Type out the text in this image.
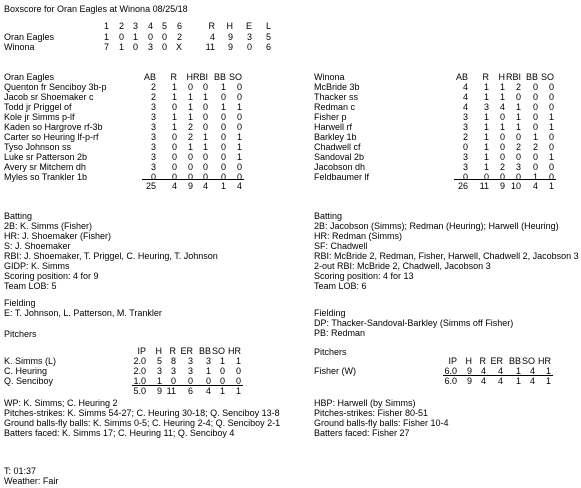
Boxscore for Oran Eagles at Winona 08/25/18
1	2 3	4 5	6	R	H	E	L
Oran Eagles	1	0 1	0 0	2	4	9	3	5
Winona	7	1 0	3 0 X	11	9	0	6
Oran Eagles	AB	R	H RBI BB SO
Quenton fr Senciboy 3b-p	2	1	0	0	1	0
Jacob sr Shoemaker c	2	1	1	1	0	0
Todd jr Priggel of	3	0	1	0	1	1
Kole jr Simms p-lf	3	1	1	0	0	0
Kaden so Hargrove rf-3b	3	1	2	0	0	0
Carter so Heuring lf-p-rf	3	0	2	1	0	1
Tyso Johnson ss	3	0	1	1	0	1
Luke sr Patterson 2b	3	0	0	0	0	1
Avery sr Mitchem dh	3	0	0	0	0	0
Myles so Trankler 1b	0	0	0	0	0	0
25	4	9	4	1	4
Batting
2B: K. Simms (Fisher)
HR: J. Shoemaker (Fisher)
S: J. Shoemaker
RBI: J. Shoemaker, T. Priggel, C. Heuring, T. Johnson
GIDP: K. Simms
Scoring position: 4 for 9
Team LOB: 5
Winona	AB	R	H RBI BB SO
McBride 3b	4	1	1	2	0	0
Thacker ss	4	1	1	0	0	0
Redman c	4	3	4	1	0	0
Fisher p	3	1	0	1	0	1
Harwell rf	3	1	1	1	0	1
Barkley 1b	2	1	0	0	1	0
Chadwell cf	0	1	0	2	2	0
Sandoval 2b	3	1	0	0	0	1
Jacobson dh	3	1	2	3	0	0
Feldbaumer lf	0	0	0	0	1	0
26	11	9 10	4	1
Batting
2B: Jacobson (Simms); Redman (Heuring); Harwell (Heuring)
HR: Redman (Simms)
SF: Chadwell
RBI: McBride 2, Redman, Fisher, Harwell, Chadwell 2, Jacobson 3
2-out RBI: McBride 2, Chadwell, Jacobson 3
Scoring position: 4 for 13
Team LOB: 6
Fielding
E: T. Johnson, L. Patterson, M. Trankler	Fielding
DP: Thacker-Sandoval-Barkley (Simms off Fisher)
PB: Redman
Pitchers
IP	H R ER BB SO HR
K. Simms (L)	2.0	5 8	3	3 1	1
C. Heuring	2.0	3 3	3	1 0	0
Q. Senciboy	1.0	1 0	0	0 0	0
5.0	9 11	6	4 1	1
Pitchers
IP H R ER BB SO HR
Fisher (W)	6.0	9 4	4	1 4	1
6.0	9 4	4	1 4	1
WP: K. Simms; C. Heuring 2
Pitches-strikes: K. Simms 54-27; C. Heuring 30-18; Q. Senciboy 13-8
Ground balls-fly balls: K. Simms 0-5; C. Heuring 2-4; Q. Senciboy 2-1
Batters faced: K. Simms 17; C. Heuring 11; Q. Senciboy 4
HBP: Harwell (by Simms)
Pitches-strikes: Fisher 80-51
Ground balls-fly balls: Fisher 10-4
Batters faced: Fisher 27
T: 01:37
Weather: Fair
